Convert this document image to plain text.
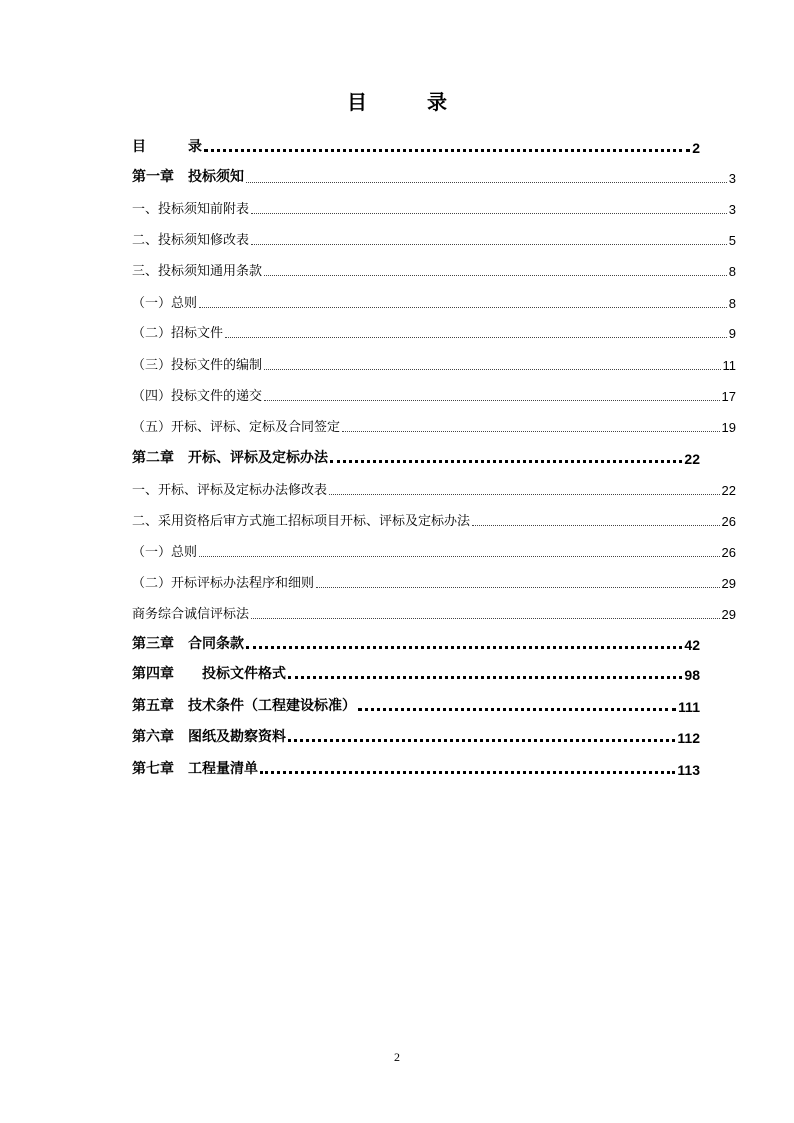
目	录
目　　　录	2
第一章　投标须知	3
一、投标须知前附表	3
二、投标须知修改表	5
三、投标须知通用条款	8
（一）总则	8
（二）招标文件	9
（三）投标文件的编制	11
（四）投标文件的递交	17
（五）开标、评标、定标及合同签定	19
第二章　开标、评标及定标办法	22
一、开标、评标及定标办法修改表	22
二、采用资格后审方式施工招标项目开标、评标及定标办法	26
（一）总则	26
（二）开标评标办法程序和细则	29
商务综合诚信评标法	29
第三章　合同条款	42
第四章　　投标文件格式	98
第五章　技术条件（工程建设标准）	111
第六章　图纸及勘察资料	112
第七章　工程量清单	113
2
